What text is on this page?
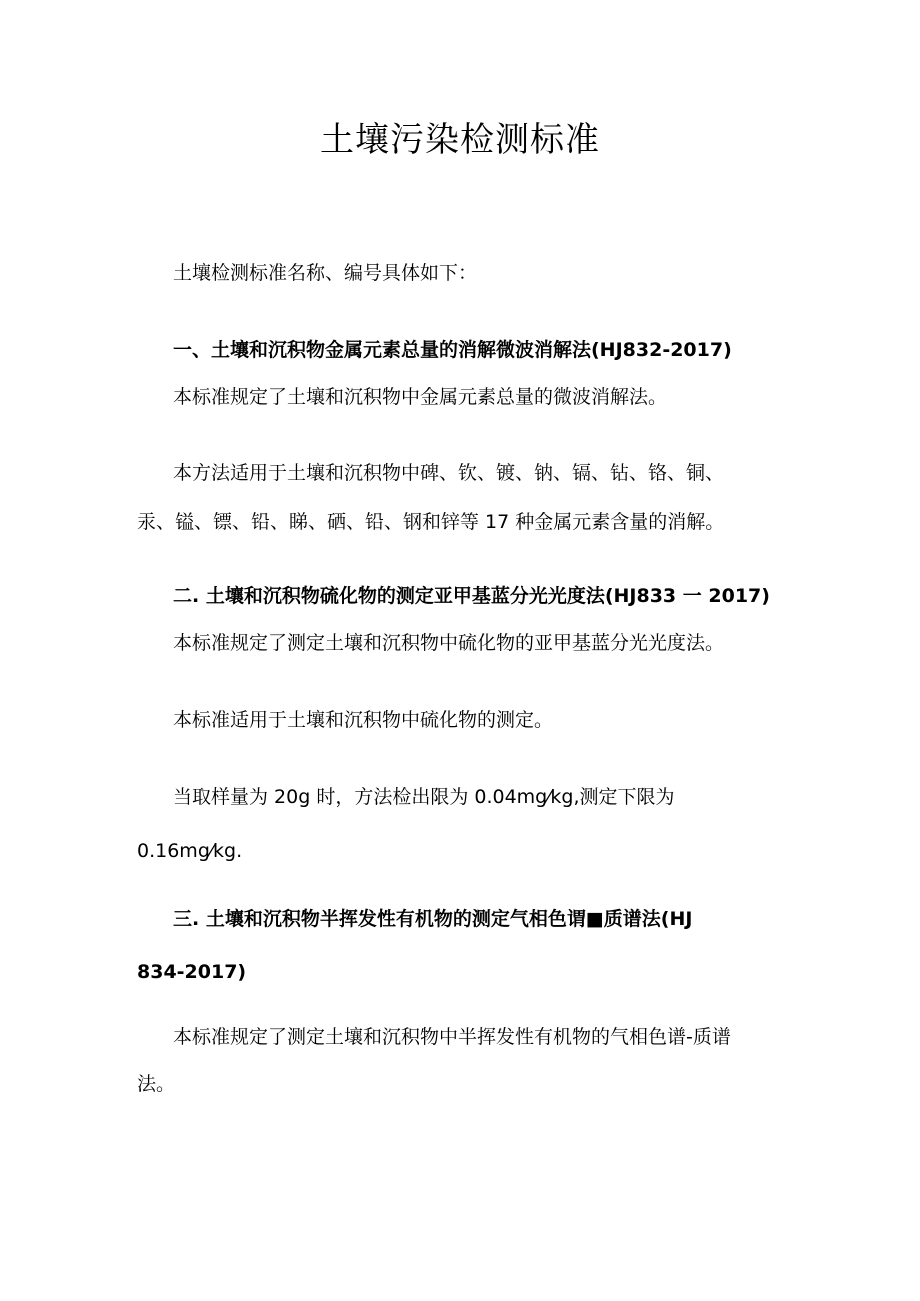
土壤污染检测标准
土壤检测标准名称、编号具体如下：
一、土壤和沉积物金属元素总量的消解微波消解法(HJ832-2017)
本标准规定了土壤和沉积物中金属元素总量的微波消解法。
本方法适用于土壤和沉积物中碑、钦、镀、钠、镉、钻、铬、铜、
汞、镒、镖、铅、睇、硒、铅、钢和锌等 17 种金属元素含量的消解。
二. 土壤和沉积物硫化物的测定亚甲基蓝分光光度法(HJ833 一 2017)
本标准规定了测定土壤和沉积物中硫化物的亚甲基蓝分光光度法。
本标准适用于土壤和沉积物中硫化物的测定。
当取样量为 20g 时，方法检出限为 0.04mg⁄kg,测定下限为
0.16mg⁄kg.
三. 土壤和沉积物半挥发性有机物的测定气相色谓■质谱法(HJ
834-2017)
本标准规定了测定土壤和沉积物中半挥发性有机物的气相色谱-质谱
法。
